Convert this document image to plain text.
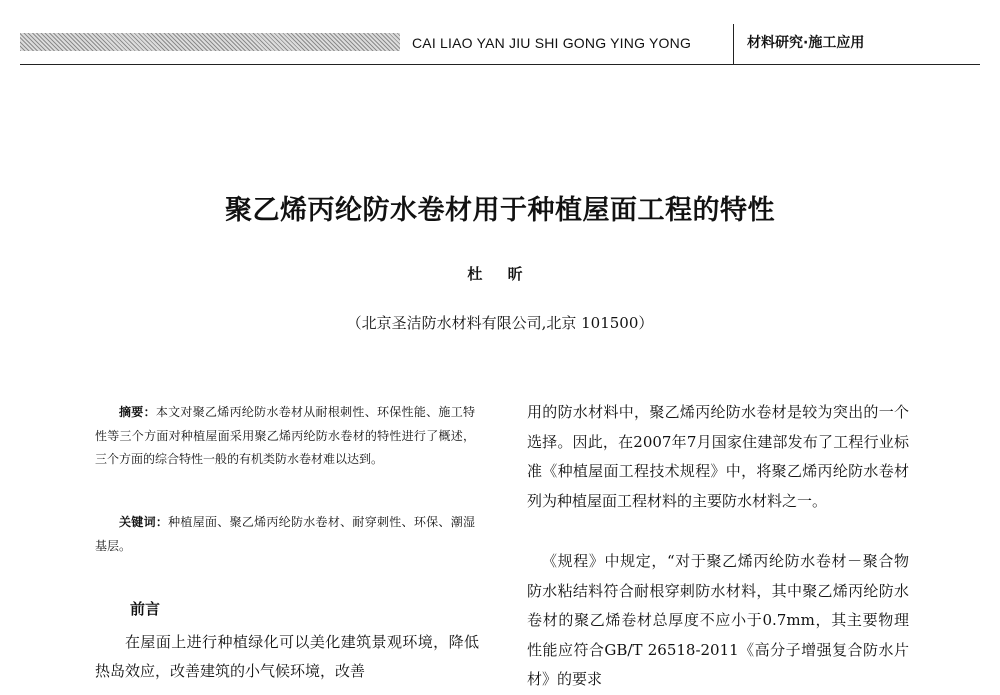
CAI LIAO YAN JIU SHI GONG YING YONG	材料研究·施工应用
聚乙烯丙纶防水卷材用于种植屋面工程的特性
杜 昕
（北京圣洁防水材料有限公司,北京 101500）

摘要：本文对聚乙烯丙纶防水卷材从耐根刺性、环保性能、施工特性等三个方面对种植屋面采用聚乙烯丙纶防水卷材的特性进行了概述，三个方面的综合特性一般的有机类防水卷材难以达到。

关键词：种植屋面、聚乙烯丙纶防水卷材、耐穿刺性、环保、潮湿基层。

前言

在屋面上进行种植绿化可以美化建筑景观环境，降低热岛效应，改善建筑的小气候环境，改善

用的防水材料中，聚乙烯丙纶防水卷材是较为突出的一个选择。因此，在2007年7月国家住建部发布了工程行业标准《种植屋面工程技术规程》中，将聚乙烯丙纶防水卷材列为种植屋面工程材料的主要防水材料之一。

《规程》中规定，“对于聚乙烯丙纶防水卷材－聚合物防水粘结料符合耐根穿刺防水材料，其中聚乙烯丙纶防水卷材的聚乙烯卷材总厚度不应小于0.7mm，其主要物理性能应符合GB/T 26518-2011《高分子增强复合防水片材》的要求
